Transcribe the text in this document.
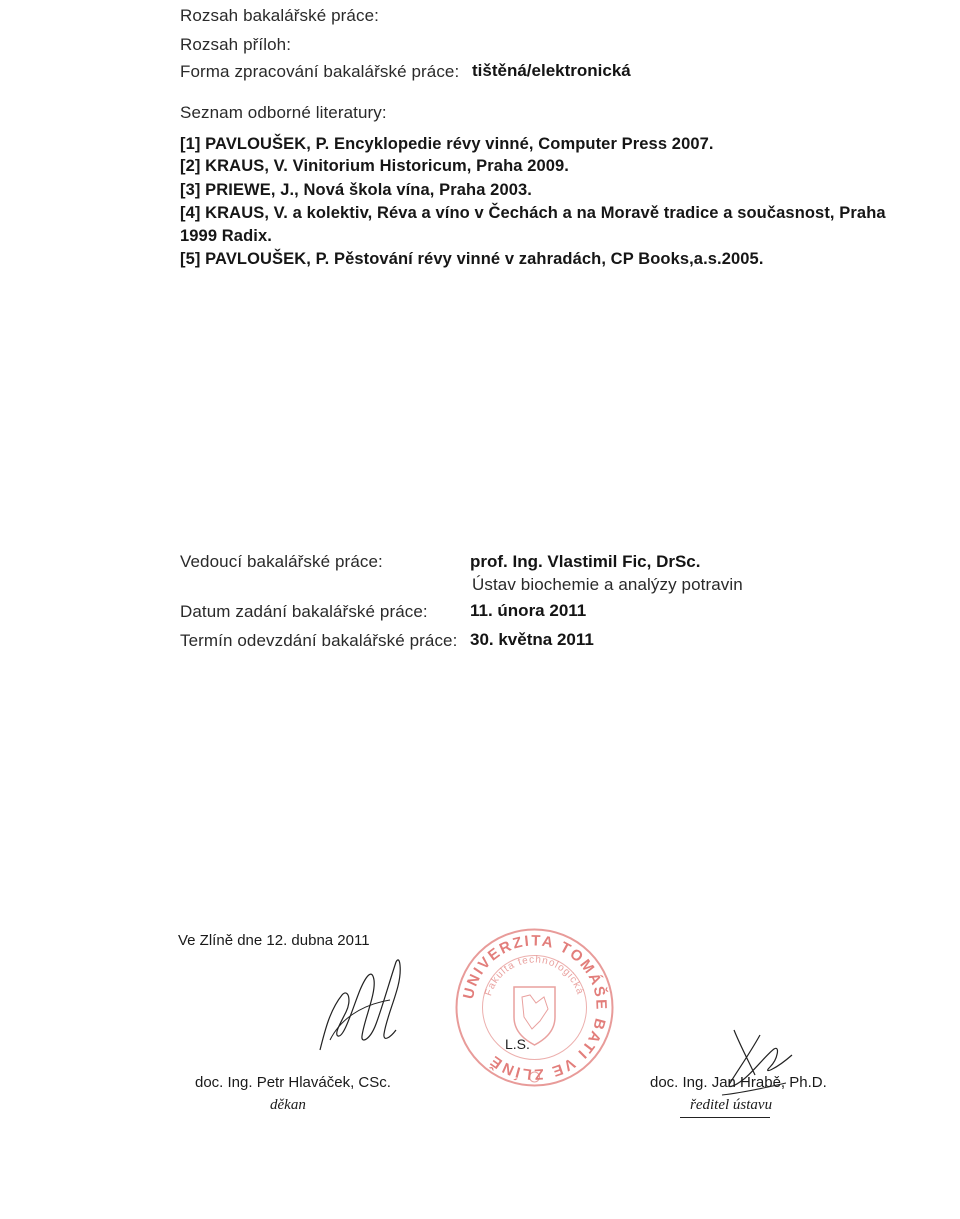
Rozsah bakalářské práce:
Rozsah příloh:
Forma zpracování bakalářské práce: tištěná/elektronická
Seznam odborné literatury:
[1] PAVLOUŠEK, P. Encyklopedie révy vinné, Computer Press 2007.
[2] KRAUS, V. Vinitorium Historicum, Praha 2009.
[3] PRIEWE, J., Nová škola vína, Praha 2003.
[4] KRAUS, V. a kolektiv, Réva a víno v Čechách a na Moravě tradice a současnost, Praha
1999 Radix.
[5] PAVLOUŠEK, P. Pěstování révy vinné v zahradách, CP Books,a.s.2005.
Vedoucí bakalářské práce:	prof. Ing. Vlastimil Fic, DrSc.
Ústav biochemie a analýzy potravin
Datum zadání bakalářské práce: 11. února 2011
Termín odevzdání bakalářské práce: 30. května 2011
Ve Zlíně dne 12. dubna 2011
UNIVERZITA TOMÁŠE BATI VE ZLÍNĚ
Fakulta technologická
L.S.
doc. Ing. Petr Hlaváček, CSc.
děkan
doc. Ing. Jan Hrabě, Ph.D.
ředitel ústavu
